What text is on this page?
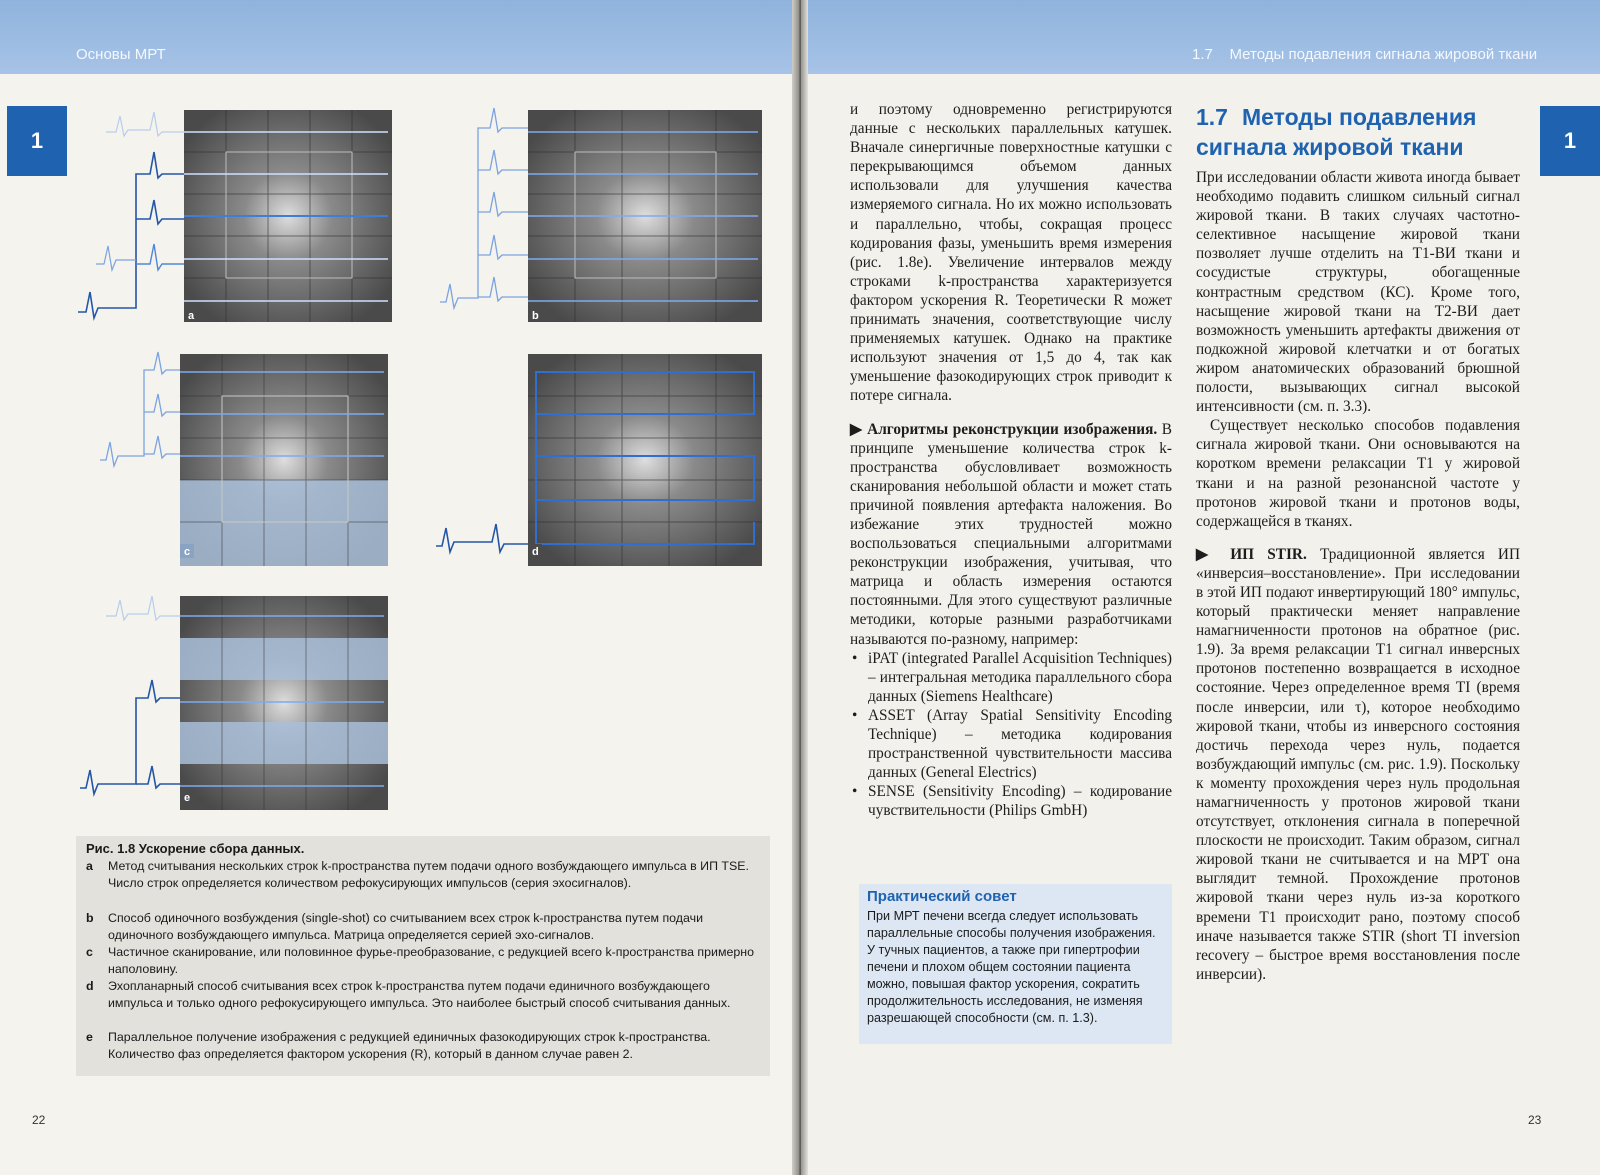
Основы МРТ
1
a	b
c	d
e
Рис. 1.8 Ускорение сбора данных.
a	Метод считывания нескольких строк k-пространства путем подачи одного возбуждающего импульса в ИП TSE. Число строк определяется количеством рефокусирующих импульсов (серия эхосигналов).
b	Способ одиночного возбуждения (single-shot) со считыванием всех строк k-пространства путем подачи одиночного возбуждающего импульса. Матрица определяется серией эхо-сигналов.
c	Частичное сканирование, или половинное фурье-преобразование, с редукцией всего k-пространства примерно наполовину.
d	Эхопланарный способ считывания всех строк k-пространства путем подачи единичного возбуждающего импульса и только одного рефокусирующего импульса. Это наиболее быстрый способ считывания данных.
e	Параллельное получение изображения с редукцией единичных фазокодирующих строк k-пространства. Количество фаз определяется фактором ускорения (R), который в данном случае равен 2.
22
1.7    Методы подавления сигнала жировой ткани
1

и поэтому одновременно регистрируются данные с нескольких параллельных катушек. Вначале синергичные поверхностные катушки с перекрывающимся объемом данных использовали для улучшения качества измеряемого сигнала. Но их можно использовать и параллельно, чтобы, сокращая процесс кодирования фазы, уменьшить время измерения (рис. 1.8e). Увеличение интервалов между строками k-пространства характеризуется фактором ускорения R. Теоретически R может принимать значения, соответствующие числу применяемых катушек. Однако на практике используют значения от 1,5 до 4, так как уменьшение фазокодирующих строк приводит к потере сигнала.

▶ Алгоритмы реконструкции изображения. В принципе уменьшение количества строк k-пространства обусловливает возможность сканирования небольшой области и может стать причиной появления артефакта наложения. Во избежание этих трудностей можно воспользоваться специальными алгоритмами реконструкции изображения, учитывая, что матрица и область измерения остаются постоянными. Для этого существуют различные методики, которые разными разработчиками называются по-разному, например:

• iPAT (integrated Parallel Acquisition Techniques) – интегральная методика параллельного сбора данных (Siemens Healthcare)
• ASSET (Array Spatial Sensitivity Encoding Technique) – методика кодирования пространственной чувствительности массива данных (General Electrics)
• SENSE (Sensitivity Encoding) – кодирование чувствительности (Philips GmbH)
Практический совет
При МРТ печени всегда следует использовать параллельные способы получения изображения. У тучных пациентов, а также при гипертрофии печени и плохом общем состоянии пациента можно, повышая фактор ускорения, сократить продолжительность исследования, не изменяя разрешающей способности (см. п. 1.3).
1.7 Методы подавления сигнала жировой ткани

При исследовании области живота иногда бывает необходимо подавить слишком сильный сигнал жировой ткани. В таких случаях частотно-селективное насыщение жировой ткани позволяет лучше отделить на T1-ВИ ткани и сосудистые структуры, обогащенные контрастным средством (КС). Кроме того, насыщение жировой ткани на T2-ВИ дает возможность уменьшить артефакты движения от подкожной жировой клетчатки и от богатых жиром анатомических образований брюшной полости, вызывающих сигнал высокой интенсивности (см. п. 3.3).

Существует несколько способов подавления сигнала жировой ткани. Они основываются на коротком времени релаксации T1 у жировой ткани и на разной резонансной частоте у протонов жировой ткани и протонов воды, содержащейся в тканях.

▶ ИП STIR. Традиционной является ИП «инверсия–восстановление». При исследовании в этой ИП подают инвертирующий 180° импульс, который практически меняет направление намагниченности протонов на обратное (рис. 1.9). За время релаксации T1 сигнал инверсных протонов постепенно возвращается в исходное состояние. Через определенное время TI (время после инверсии, или τ), которое необходимо жировой ткани, чтобы из инверсного состояния достичь перехода через нуль, подается возбуждающий импульс (см. рис. 1.9). Поскольку к моменту прохождения через нуль продольная намагниченность у протонов жировой ткани отсутствует, отклонения сигнала в поперечной плоскости не происходит. Таким образом, сигнал жировой ткани не считывается и на МРТ она выглядит темной. Прохождение протонов жировой ткани через нуль из-за короткого времени T1 происходит рано, поэтому способ иначе называется также STIR (short TI inversion recovery – быстрое время восстановления после инверсии).

23
